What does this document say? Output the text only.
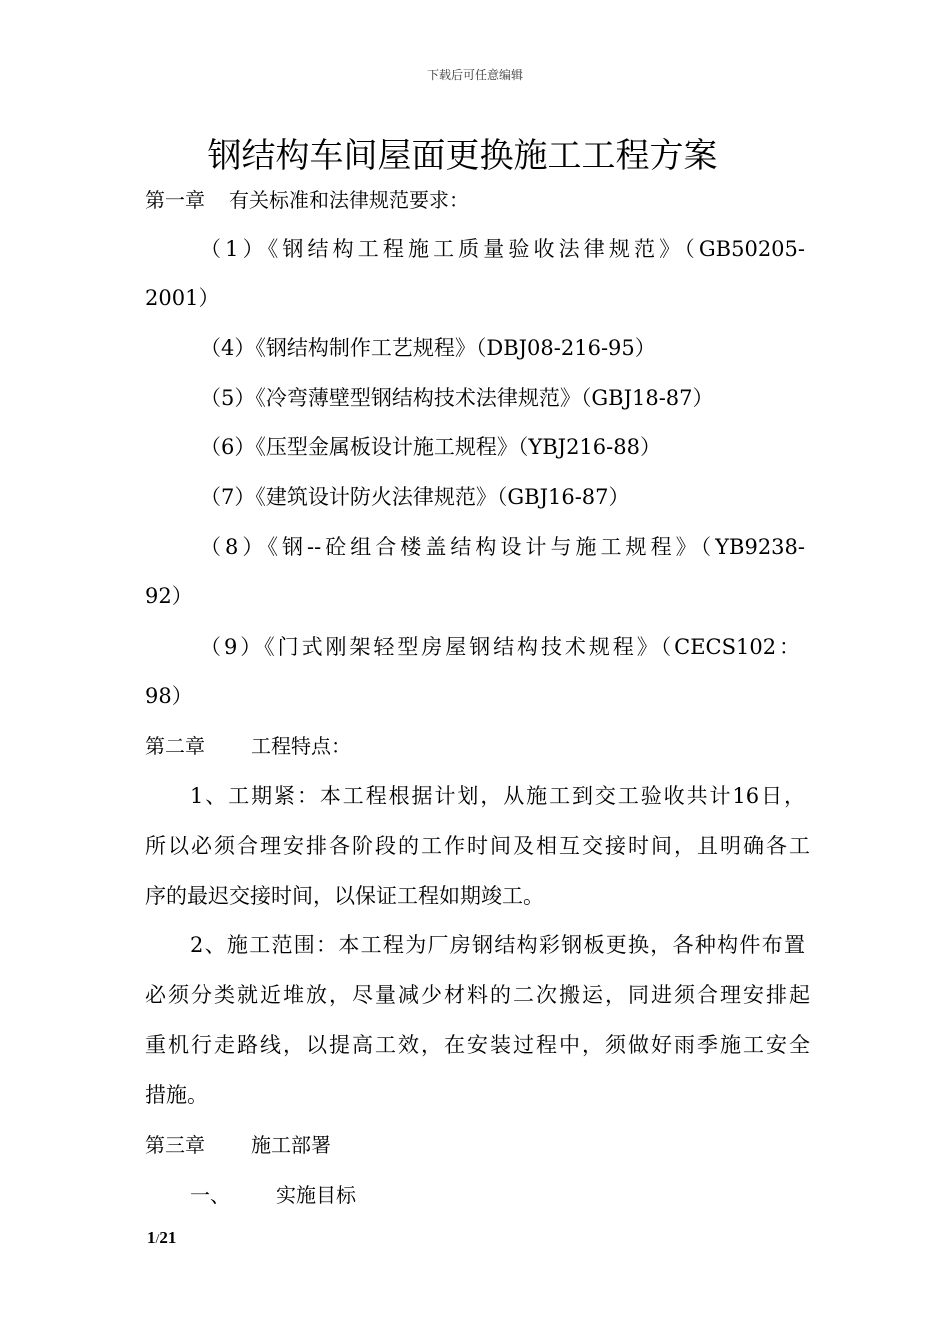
下载后可任意编辑
钢结构车间屋面更换施工工程方案
第一章 有关标准和法律规范要求：
（1）《钢结构工程施工质量验收法律规范》（GB50205-
2001）
（4）《钢结构制作工艺规程》（DBJ08-216-95）
（5）《冷弯薄壁型钢结构技术法律规范》（GBJ18-87）
（6）《压型金属板设计施工规程》（YBJ216-88）
（7）《建筑设计防火法律规范》（GBJ16-87）
（8）《钢--砼组合楼盖结构设计与施工规程》（YB9238-
92）
（9）《门式刚架轻型房屋钢结构技术规程》（CECS102：
98）
第二章 工程特点：
1、工期紧：本工程根据计划，从施工到交工验收共计16日，
所以必须合理安排各阶段的工作时间及相互交接时间，且明确各工
序的最迟交接时间，以保证工程如期竣工。
2、施工范围：本工程为厂房钢结构彩钢板更换，各种构件布置
必须分类就近堆放，尽量减少材料的二次搬运，同进须合理安排起
重机行走路线，以提高工效，在安装过程中，须做好雨季施工安全
措施。
第三章 施工部署
一、 实施目标
1/21
